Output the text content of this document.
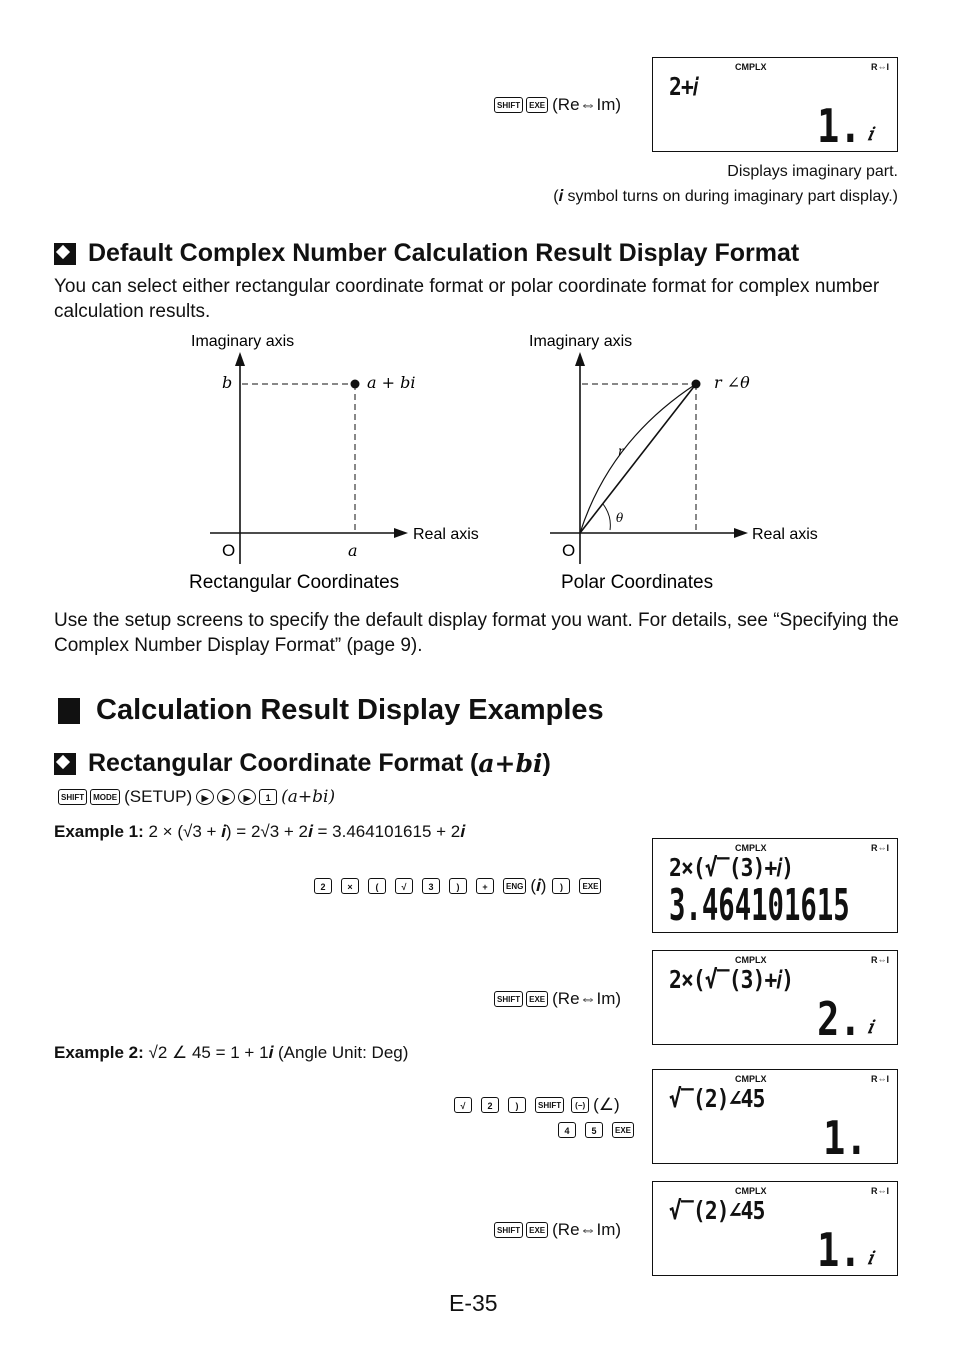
SHIFT	EXE (Re⇔Im)
CMPLX	R⇔I
2+𝑖
1. 𝑖
Displays imaginary part.
(𝒊 symbol turns on during imaginary part display.)
Default Complex Number Calculation Result Display Format
You can select either rectangular coordinate format or polar coordinate format for complex number calculation results.
Imaginary axis
b	a + bi
Real axis
O	a
Rectangular Coordinates
Imaginary axis
r
θ
r ∠θ
Real axis
O
Polar Coordinates
Use the setup screens to specify the default display format you want. For details, see “Specifying the Complex Number Display Format” (page 9).
Calculation Result Display Examples
Rectangular Coordinate Format ( a+bi )
SHIFT	MODE (SETUP)	▶	▶	▶	1 (a+bi)
Example 1: 2 × (√3 + 𝒊) = 2√3 + 2𝒊 = 3.464101615 + 2𝒊
2	×	(	√	3	)	+	ENG (𝒊)	)	EXE
CMPLX	R⇔I
2×(√‾(3)+𝑖)
3.464101615
SHIFT	EXE (Re⇔Im)
CMPLX	R⇔I
2×(√‾(3)+𝑖)
2. 𝑖
Example 2: √2 ∠ 45 = 1 + 1𝒊 (Angle Unit: Deg)
√	2	)	SHIFT	(−) (∠)
4	5	EXE
CMPLX	R⇔I
√‾(2)∠45
1.
SHIFT	EXE (Re⇔Im)
CMPLX	R⇔I
√‾(2)∠45
1. 𝑖
E-35
